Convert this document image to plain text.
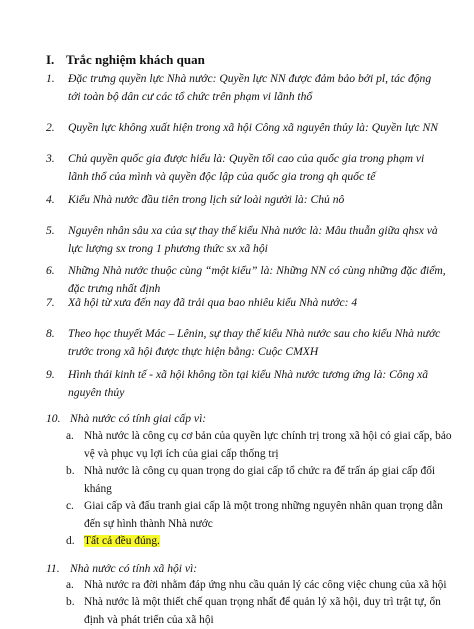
I. Trắc nghiệm khách quan
1.	Đặc trưng quyền lực Nhà nước: Quyền lực NN được đảm bảo bởi pl, tác động tới toàn bộ dân cư các tổ chức trên phạm vi lãnh thổ
2.	Quyền lực không xuất hiện trong xã hội Công xã nguyên thủy là: Quyền lực NN
3.	Chủ quyền quốc gia được hiểu là: Quyền tối cao của quốc gia trong phạm vi lãnh thổ của mình và quyền độc lập của quốc gia trong qh quốc tế
4.	Kiểu Nhà nước đầu tiên trong lịch sử loài người là: Chủ nô
5.	Nguyên nhân sâu xa của sự thay thế kiểu Nhà nước là: Mâu thuẫn giữa qhsx và lực lượng sx trong 1 phương thức sx xã hội
6.	Những Nhà nước thuộc cùng “một kiểu” là: Những NN có cùng những đặc điểm, đặc trưng nhất định
7.	Xã hội từ xưa đến nay đã trải qua bao nhiêu kiểu Nhà nước: 4
8.	Theo học thuyết Mác – Lênin, sự thay thế kiểu Nhà nước sau cho kiểu Nhà nước trước trong xã hội được thực hiện bằng: Cuộc CMXH
9.	Hình thái kinh tế - xã hội không tồn tại kiểu Nhà nước tương ứng là: Công xã nguyên thủy
10. Nhà nước có tính giai cấp vì:
a. Nhà nước là công cụ cơ bản của quyền lực chính trị trong xã hội có giai cấp, bảo vệ và phục vụ lợi ích của giai cấp thống trị
b. Nhà nước là công cụ quan trọng do giai cấp tổ chức ra để trấn áp giai cấp đối kháng
c. Giai cấp và đấu tranh giai cấp là một trong những nguyên nhân quan trọng dẫn đến sự hình thành Nhà nước
d. Tất cả đều đúng.
11. Nhà nước có tính xã hội vì:
a. Nhà nước ra đời nhằm đáp ứng nhu cầu quản lý các công việc chung của xã hội
b. Nhà nước là một thiết chế quan trọng nhất để quản lý xã hội, duy trì trật tự, ổn định và phát triển của xã hội
